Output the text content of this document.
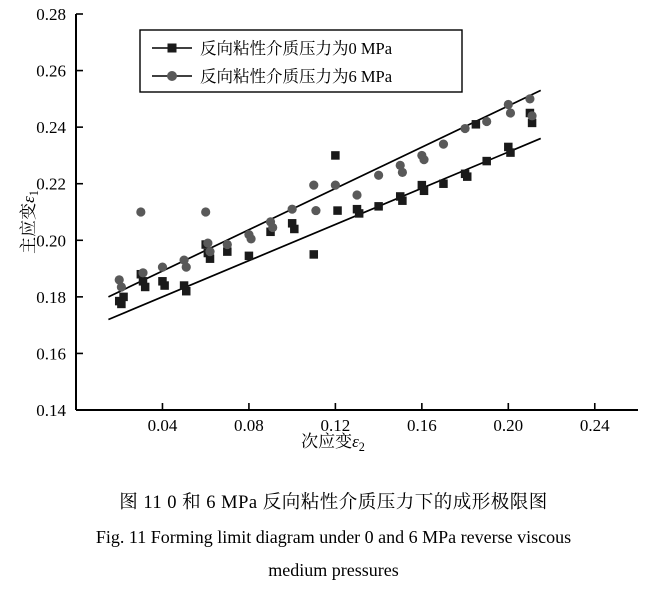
0.04	0.08	0.12	0.16	0.20	0.24
0.14
0.16
0.18
0.20
0.22
0.24
0.26
0.28
反向粘性介质压力为0 MPa
反向粘性介质压力为6 MPa
次应变$\varepsilon_2$
主应变$\varepsilon_1$
图 11 0 和 6 MPa 反向粘性介质压力下的成形极限图
Fig. 11 Forming limit diagram under 0 and 6 MPa reverse viscous
medium pressures
